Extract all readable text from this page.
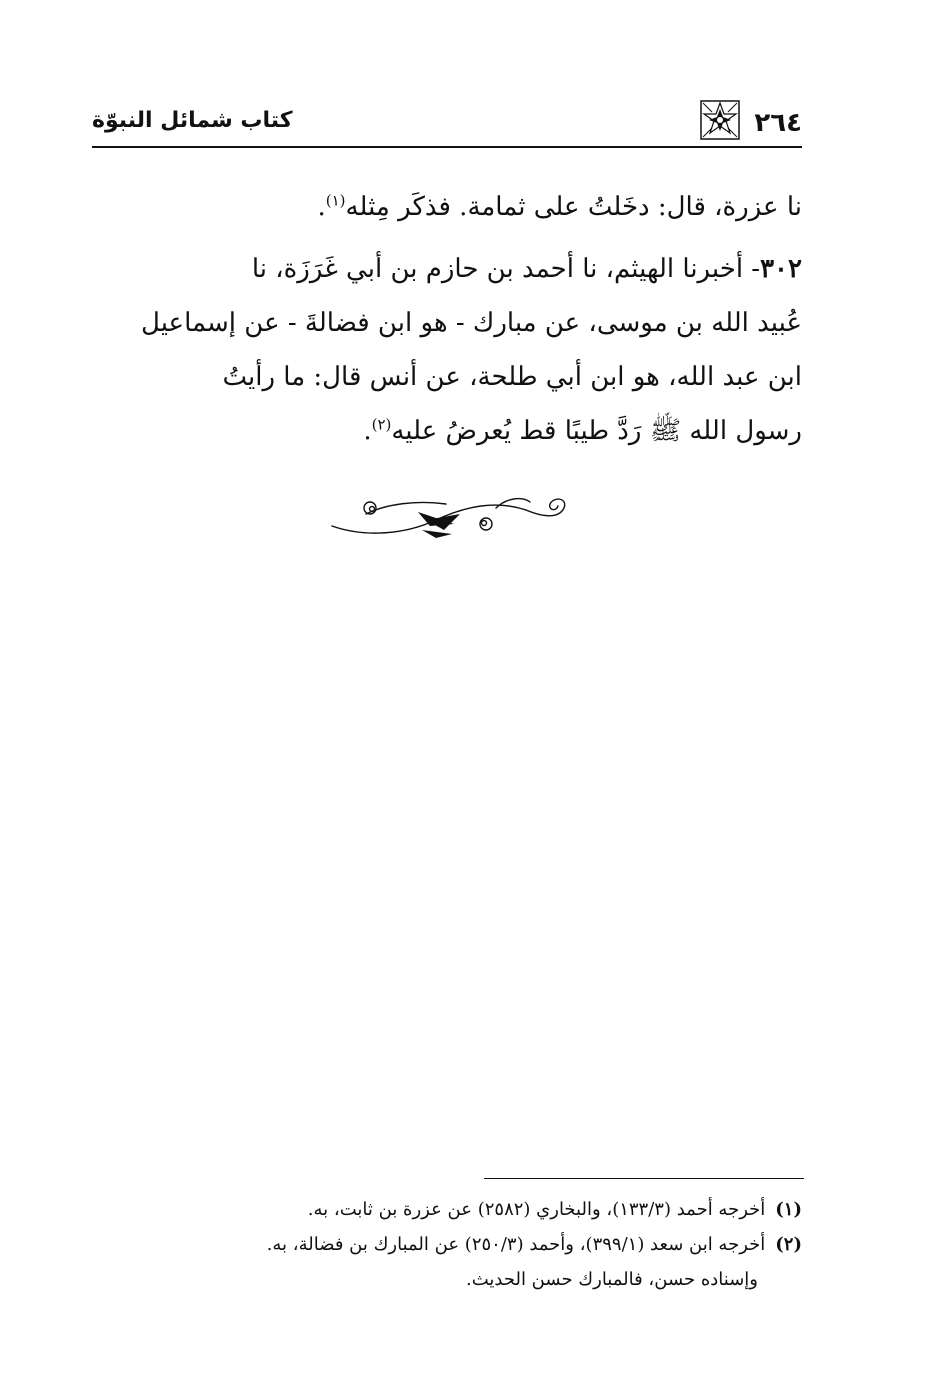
٢٦٤
كتاب شمائل النبوّة

نا عزرة، قال: دخَلتُ على ثمامة. فذكَر مِثله$^{(١)}$.

٣٠٢- أخبرنا الهيثم، نا أحمد بن حازم بن أبي غَرَزَة، نا
عُبيد الله بن موسى، عن مبارك - هو ابن فضالةَ - عن إسماعيل
ابن عبد الله، هو ابن أبي طلحة، عن أنس قال: ما رأيتُ
رسول الله ﷺ رَدَّ طيبًا قط يُعرضُ عليه$^{(٢)}$.

(١)أخرجه أحمد (١٣٣/٣)، والبخاري (٢٥٨٢) عن عزرة بن ثابت، به.

(٢)أخرجه ابن سعد (٣٩٩/١)، وأحمد (٢٥٠/٣) عن المبارك بن فضالة، به.

وإسناده حسن، فالمبارك حسن الحديث.
